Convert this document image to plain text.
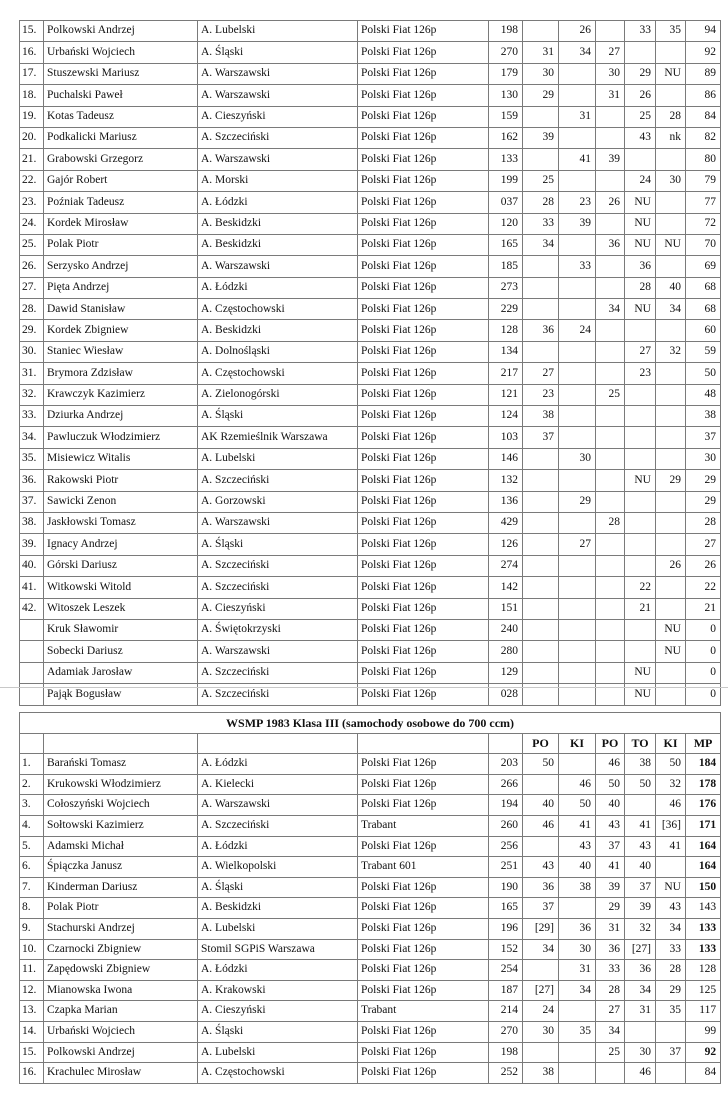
15.	Polkowski Andrzej	A. Lubelski	Polski Fiat 126p	198		26		33	35	94
16.	Urbański Wojciech	A. Śląski	Polski Fiat 126p	270	31	34	27			92
17.	Stuszewski Mariusz	A. Warszawski	Polski Fiat 126p	179	30		30	29	NU	89
18.	Puchalski Paweł	A. Warszawski	Polski Fiat 126p	130	29		31	26		86
19.	Kotas Tadeusz	A. Cieszyński	Polski Fiat 126p	159		31		25	28	84
20.	Podkalicki Mariusz	A. Szczeciński	Polski Fiat 126p	162	39			43	nk	82
21.	Grabowski Grzegorz	A. Warszawski	Polski Fiat 126p	133		41	39			80
22.	Gajór Robert	A. Morski	Polski Fiat 126p	199	25			24	30	79
23.	Poźniak Tadeusz	A. Łódzki	Polski Fiat 126p	037	28	23	26	NU		77
24.	Kordek Mirosław	A. Beskidzki	Polski Fiat 126p	120	33	39		NU		72
25.	Polak Piotr	A. Beskidzki	Polski Fiat 126p	165	34		36	NU	NU	70
26.	Serzysko Andrzej	A. Warszawski	Polski Fiat 126p	185		33		36		69
27.	Pięta Andrzej	A. Łódzki	Polski Fiat 126p	273				28	40	68
28.	Dawid Stanisław	A. Częstochowski	Polski Fiat 126p	229			34	NU	34	68
29.	Kordek Zbigniew	A. Beskidzki	Polski Fiat 126p	128	36	24				60
30.	Staniec Wiesław	A. Dolnośląski	Polski Fiat 126p	134				27	32	59
31.	Brymora Zdzisław	A. Częstochowski	Polski Fiat 126p	217	27			23		50
32.	Krawczyk Kazimierz	A. Zielonogórski	Polski Fiat 126p	121	23		25			48
33.	Dziurka Andrzej	A. Śląski	Polski Fiat 126p	124	38					38
34.	Pawluczuk Włodzimierz	AK Rzemieślnik Warszawa	Polski Fiat 126p	103	37					37
35.	Misiewicz Witalis	A. Lubelski	Polski Fiat 126p	146		30				30
36.	Rakowski Piotr	A. Szczeciński	Polski Fiat 126p	132				NU	29	29
37.	Sawicki Zenon	A. Gorzowski	Polski Fiat 126p	136		29				29
38.	Jaskłowski Tomasz	A. Warszawski	Polski Fiat 126p	429			28			28
39.	Ignacy Andrzej	A. Śląski	Polski Fiat 126p	126		27				27
40.	Górski Dariusz	A. Szczeciński	Polski Fiat 126p	274					26	26
41.	Witkowski Witold	A. Szczeciński	Polski Fiat 126p	142				22		22
42.	Witoszek Leszek	A. Cieszyński	Polski Fiat 126p	151				21		21
	Kruk Sławomir	A. Świętokrzyski	Polski Fiat 126p	240					NU	0
	Sobecki Dariusz	A. Warszawski	Polski Fiat 126p	280					NU	0
	Adamiak Jarosław	A. Szczeciński	Polski Fiat 126p	129				NU		0
	Pająk Bogusław	A. Szczeciński	Polski Fiat 126p	028				NU		0
WSMP 1983 Klasa III (samochody osobowe do 700 ccm)										
					PO	KI	PO	TO	KI	MP
1.	Barański Tomasz	A. Łódzki	Polski Fiat 126p	203	50		46	38	50	184
2.	Krukowski Włodzimierz	A. Kielecki	Polski Fiat 126p	266		46	50	50	32	178
3.	Cołoszyński Wojciech	A. Warszawski	Polski Fiat 126p	194	40	50	40		46	176
4.	Sołtowski Kazimierz	A. Szczeciński	Trabant	260	46	41	43	41	[36]	171
5.	Adamski Michał	A. Łódzki	Polski Fiat 126p	256		43	37	43	41	164
6.	Śpiączka Janusz	A. Wielkopolski	Trabant 601	251	43	40	41	40		164
7.	Kinderman Dariusz	A. Śląski	Polski Fiat 126p	190	36	38	39	37	NU	150
8.	Polak Piotr	A. Beskidzki	Polski Fiat 126p	165	37		29	39	43	143
9.	Stachurski Andrzej	A. Lubelski	Polski Fiat 126p	196	[29]	36	31	32	34	133
10.	Czarnocki Zbigniew	Stomil SGPiS Warszawa	Polski Fiat 126p	152	34	30	36	[27]	33	133
11.	Zapędowski Zbigniew	A. Łódzki	Polski Fiat 126p	254		31	33	36	28	128
12.	Mianowska Iwona	A. Krakowski	Polski Fiat 126p	187	[27]	34	28	34	29	125
13.	Czapka Marian	A. Cieszyński	Trabant	214	24		27	31	35	117
14.	Urbański Wojciech	A. Śląski	Polski Fiat 126p	270	30	35	34			99
15.	Polkowski Andrzej	A. Lubelski	Polski Fiat 126p	198			25	30	37	92
16.	Krachulec Mirosław	A. Częstochowski	Polski Fiat 126p	252	38			46		84
